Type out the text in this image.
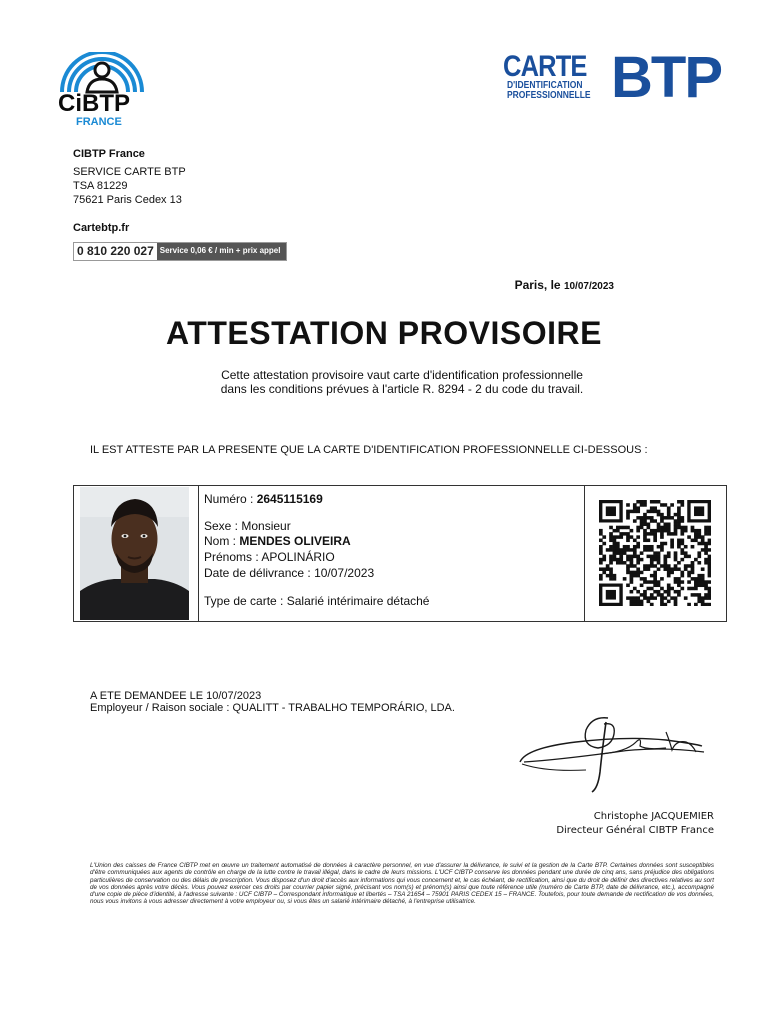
CiBTP
FRANCE
CARTE
D'IDENTIFICATION
PROFESSIONNELLE BTP
CIBTP France
SERVICE CARTE BTP
TSA 81229
75621 Paris Cedex 13
Cartebtp.fr
0 810 220 027 Service 0,06 € / min + prix appel
Paris, le 10/07/2023
ATTESTATION PROVISOIRE
Cette attestation provisoire vaut carte d'identification professionnelle
dans les conditions prévues à l'article R. 8294 - 2 du code du travail.
IL EST ATTESTE PAR LA PRESENTE QUE LA CARTE D'IDENTIFICATION PROFESSIONNELLE CI-DESSOUS :
Numéro : 2645115169
Sexe : Monsieur
Nom : MENDES OLIVEIRA
Prénoms : APOLINÁRIO
Date de délivrance : 10/07/2023
Type de carte : Salarié intérimaire détaché
A ETE DEMANDEE LE 10/07/2023
Employeur / Raison sociale : QUALITT - TRABALHO TEMPORÁRIO, LDA.
Christophe JACQUEMIER
Directeur Général CIBTP France
L'Union des caisses de France CIBTP met en œuvre un traitement automatisé de données à caractère personnel, en vue d'assurer la délivrance, le suivi et la gestion de la Carte BTP. Certaines données sont susceptibles d'être communiquées aux agents de contrôle en charge de la lutte contre le travail illégal, dans le cadre de leurs missions. L'UCF CIBTP conserve les données pendant une durée de cinq ans, sans préjudice des obligations particulières de conservation ou des délais de prescription. Vous disposez d'un droit d'accès aux informations qui vous concernent et, le cas échéant, de rectification, ainsi que du droit de définir des directives relatives au sort de vos données après votre décès. Vous pouvez exercer ces droits par courrier papier signé, précisant vos nom(s) et prénom(s) ainsi que toute référence utile (numéro de Carte BTP, date de délivrance, etc.), accompagné d'une copie de pièce d'identité, à l'adresse suivante : UCF CIBTP – Correspondant informatique et libertés – TSA 21654 – 75901 PARIS CEDEX 15 – FRANCE. Toutefois, pour toute demande de rectification de vos données, nous vous invitons à vous adresser directement à votre employeur ou, si vous êtes un salarié intérimaire détaché, à l'entreprise utilisatrice.
